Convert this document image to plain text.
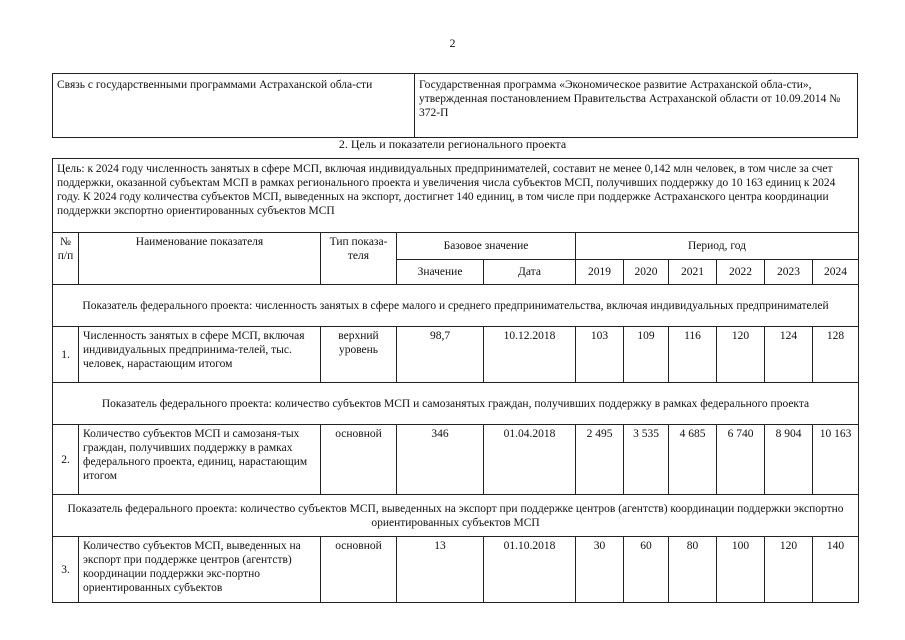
2
Связь с государственными программами Астраханской обла-сти	Государственная программа «Экономическое развитие Астраханской обла-сти», утвержденная постановлением Правительства Астраханской области от 10.09.2014 № 372-П
2. Цель и показатели регионального проекта
Цель: к 2024 году численность занятых в сфере МСП, включая индивидуальных предпринимателей, составит не менее 0,142 млн человек, в том числе за счет поддержки, оказанной субъектам МСП в рамках регионального проекта и увеличения числа субъектов МСП, получивших поддержку до 10 163 единиц к 2024 году. К 2024 году количества субъектов МСП, выведенных на экспорт, достигнет 140 единиц, в том числе при поддержке Астраханского центра координации поддержки экспортно ориентированных субъектов МСП										
№ п/п	Наименование показателя	Тип показа-теля	Базовое значение		Период, год					
			Значение	Дата	2019	2020	2021	2022	2023	2024
Показатель федерального проекта: численность занятых в сфере малого и среднего предпринимательства, включая индивидуальных предпринимателей										
1.	Численность занятых в сфере МСП, включая индивидуальных предпринима-телей, тыс. человек, нарастающим итогом	верхний уровень	98,7	10.12.2018	103	109	116	120	124	128
Показатель федерального проекта: количество субъектов МСП и самозанятых граждан, получивших поддержку в рамках федерального проекта										
2.	Количество субъектов МСП и самозаня-тых граждан, получивших поддержку в рамках федерального проекта, единиц, нарастающим итогом	основной	346	01.04.2018	2 495	3 535	4 685	6 740	8 904	10 163
Показатель федерального проекта: количество субъектов МСП, выведенных на экспорт при поддержке центров (агентств) координации поддержки экспортно ориентированных субъектов МСП										
3.	Количество субъектов МСП, выведенных на экспорт при поддержке центров (агентств) координации поддержки экс-портно ориентированных субъектов	основной	13	01.10.2018	30	60	80	100	120	140
